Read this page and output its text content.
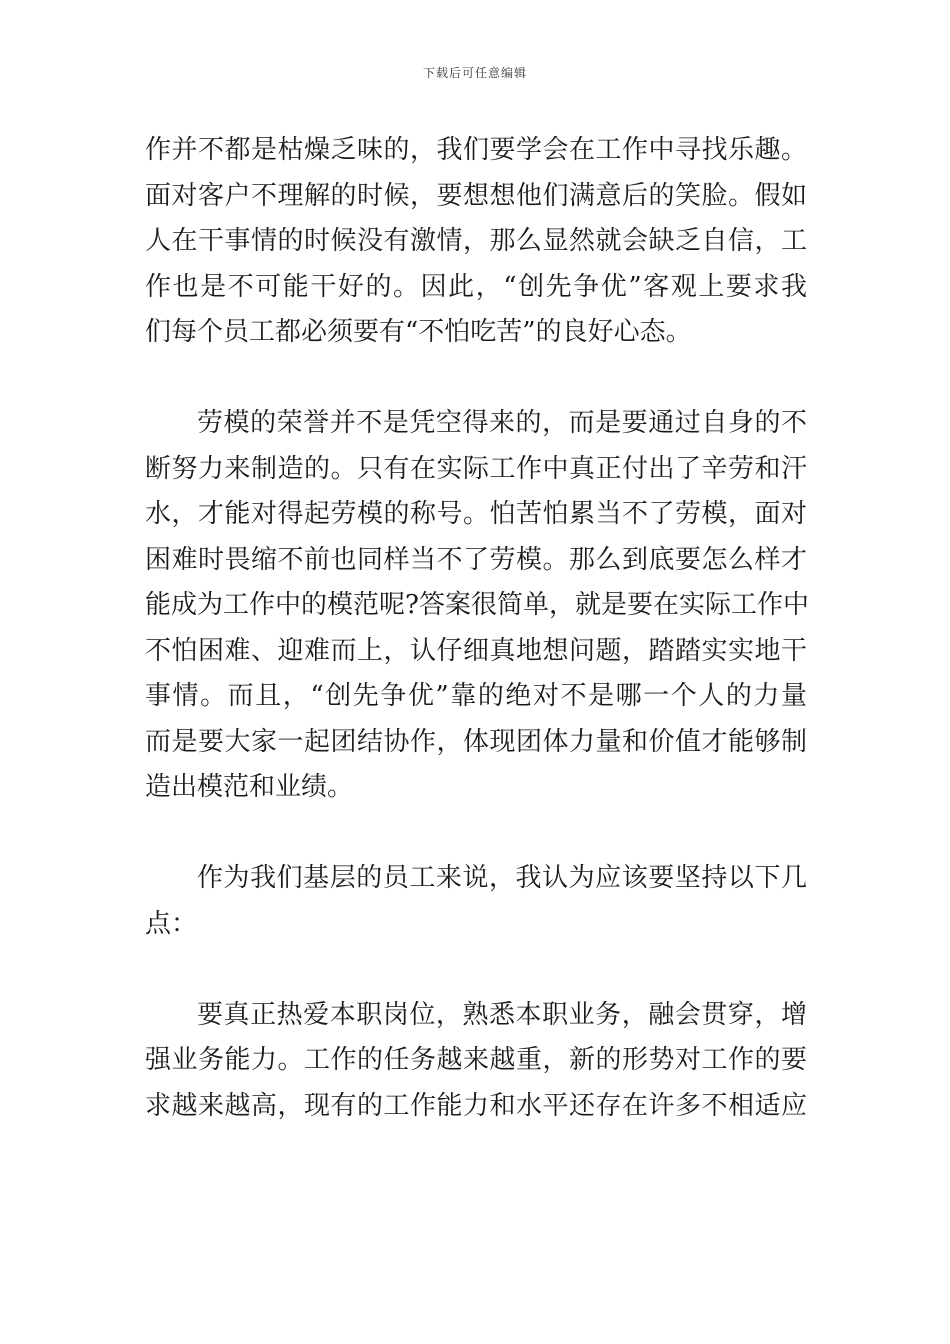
下载后可任意编辑
作并不都是枯燥乏味的，我们要学会在工作中寻找乐趣。
面对客户不理解的时候，要想想他们满意后的笑脸。假如
人在干事情的时候没有激情，那么显然就会缺乏自信，工
作也是不可能干好的。因此，“创先争优”客观上要求我
们每个员工都必须要有“不怕吃苦”的良好心态。
劳模的荣誉并不是凭空得来的，而是要通过自身的不
断努力来制造的。只有在实际工作中真正付出了辛劳和汗
水，才能对得起劳模的称号。怕苦怕累当不了劳模，面对
困难时畏缩不前也同样当不了劳模。那么到底要怎么样才
能成为工作中的模范呢?答案很简单，就是要在实际工作中
不怕困难、迎难而上，认仔细真地想问题，踏踏实实地干
事情。而且，“创先争优”靠的绝对不是哪一个人的力量
而是要大家一起团结协作，体现团体力量和价值才能够制
造出模范和业绩。
作为我们基层的员工来说，我认为应该要坚持以下几
点：
要真正热爱本职岗位，熟悉本职业务，融会贯穿，增
强业务能力。工作的任务越来越重，新的形势对工作的要
求越来越高，现有的工作能力和水平还存在许多不相适应
